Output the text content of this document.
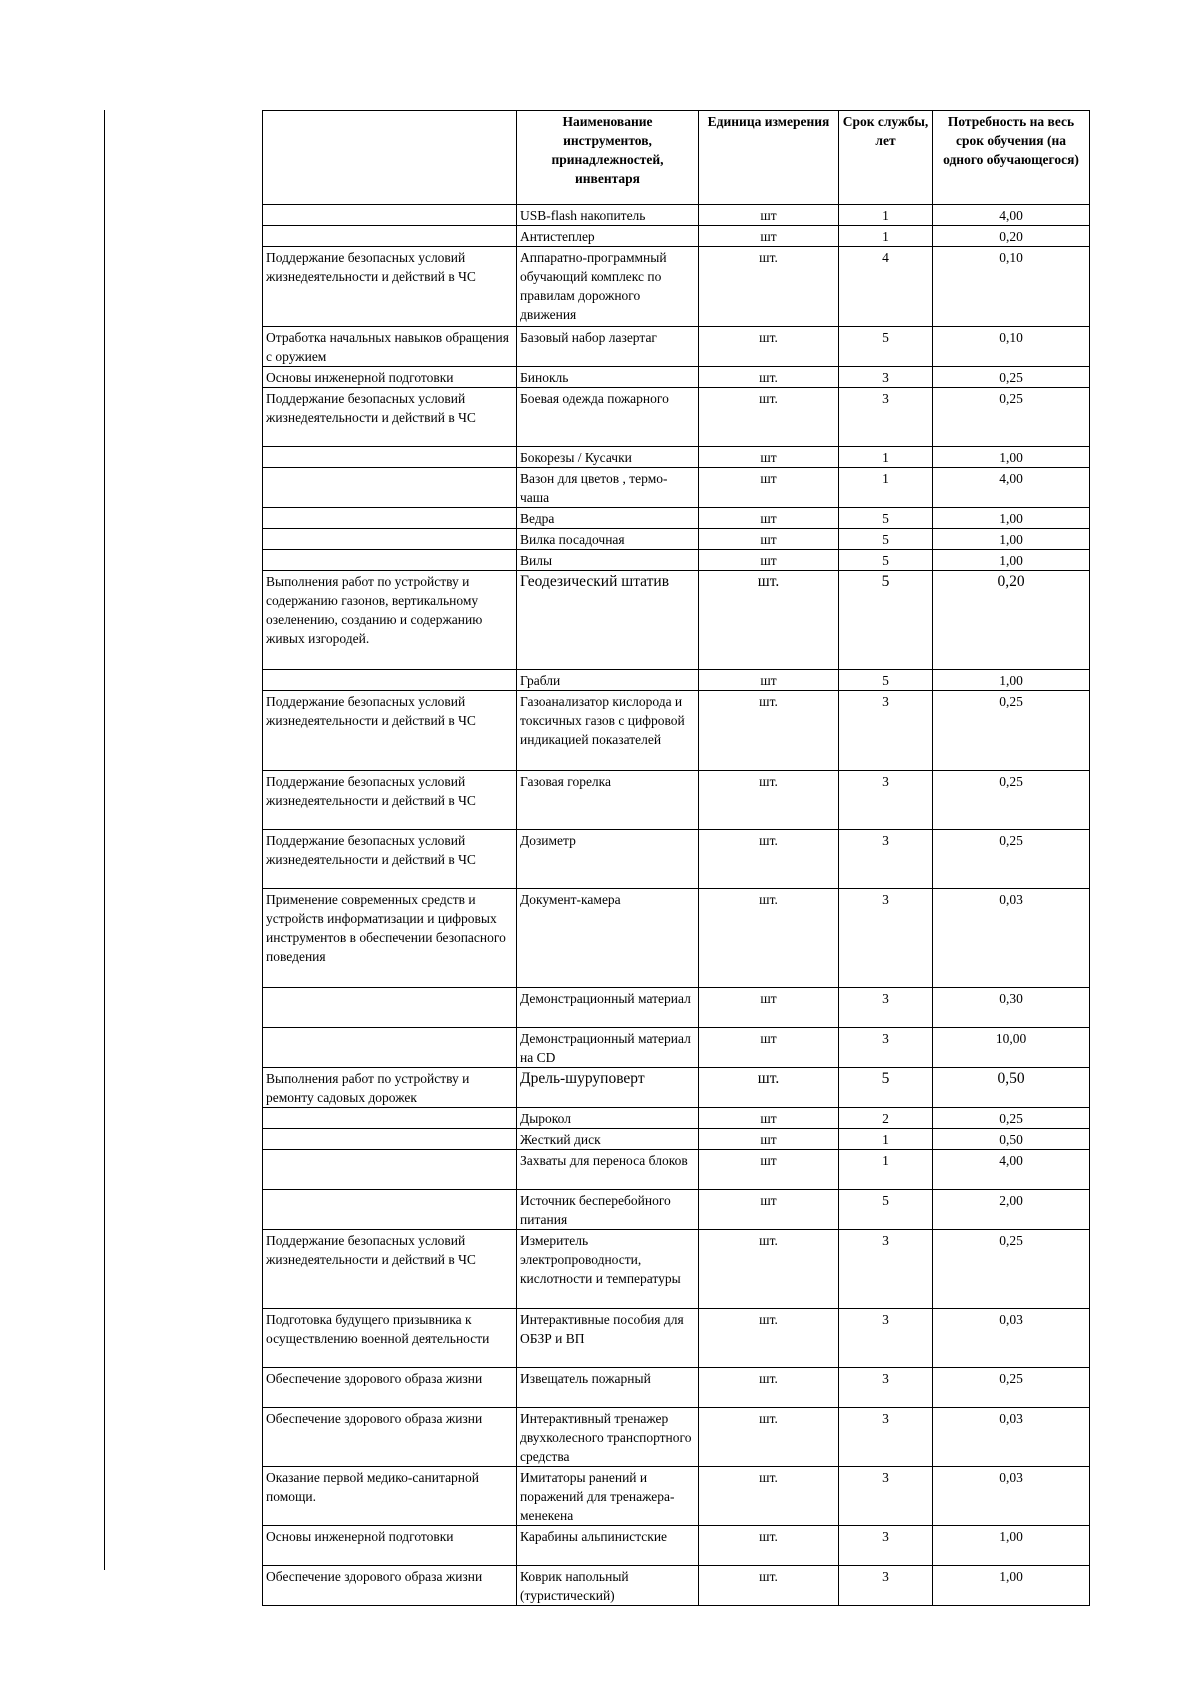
	Наименование инструментов, принадлежностей, инвентаря	Единица измерения	Срок службы, лет	Потребность на весь срок обучения (на одного обучающегося)
	USB-flash накопитель	шт	1	4,00
	Антистеплер	шт	1	0,20
Поддержание безопасных условий жизнедеятельности и действий в ЧС	Аппаратно-программный обучающий комплекс по правилам дорожного движения	шт.	4	0,10
Отработка начальных навыков обращения с оружием	Базовый набор лазертаг	шт.	5	0,10
Основы инженерной подготовки	Бинокль	шт.	3	0,25
Поддержание безопасных условий жизнедеятельности и действий в ЧС	Боевая одежда пожарного	шт.	3	0,25
	Бокорезы / Кусачки	шт	1	1,00
	Вазон для цветов , термо-чаша	шт	1	4,00
	Ведра	шт	5	1,00
	Вилка посадочная	шт	5	1,00
	Вилы	шт	5	1,00
Выполнения работ по устройству и содержанию газонов, вертикальному озеленению, созданию и содержанию живых изгородей.	Геодезический штатив	шт.	5	0,20
	Грабли	шт	5	1,00
Поддержание безопасных условий жизнедеятельности и действий в ЧС	Газоанализатор кислорода и токсичных газов с цифровой индикацией показателей	шт.	3	0,25
Поддержание безопасных условий жизнедеятельности и действий в ЧС	Газовая горелка	шт.	3	0,25
Поддержание безопасных условий жизнедеятельности и действий в ЧС	Дозиметр	шт.	3	0,25
Применение современных средств и устройств информатизации и цифровых инструментов в обеспечении безопасного поведения	Документ-камера	шт.	3	0,03
	Демонстрационный материал	шт	3	0,30
	Демонстрационный материал на CD	шт	3	10,00
Выполнения работ по устройству и ремонту садовых дорожек	Дрель-шуруповерт	шт.	5	0,50
	Дырокол	шт	2	0,25
	Жесткий диск	шт	1	0,50
	Захваты для переноса блоков	шт	1	4,00
	Источник бесперебойного питания	шт	5	2,00
Поддержание безопасных условий жизнедеятельности и действий в ЧС	Измеритель электропроводности, кислотности и температуры	шт.	3	0,25
Подготовка будущего призывника к осуществлению военной деятельности	Интерактивные пособия для ОБЗР и ВП	шт.	3	0,03
Обеспечение здорового образа жизни	Извещатель пожарный	шт.	3	0,25
Обеспечение здорового образа жизни	Интерактивный тренажер двухколесного транспортного средства	шт.	3	0,03
Оказание первой медико-санитарной помощи.	Имитаторы ранений и поражений для тренажера-менекена	шт.	3	0,03
Основы инженерной подготовки	Карабины альпинистские	шт.	3	1,00
Обеспечение здорового образа жизни	Коврик напольный (туристический)	шт.	3	1,00
